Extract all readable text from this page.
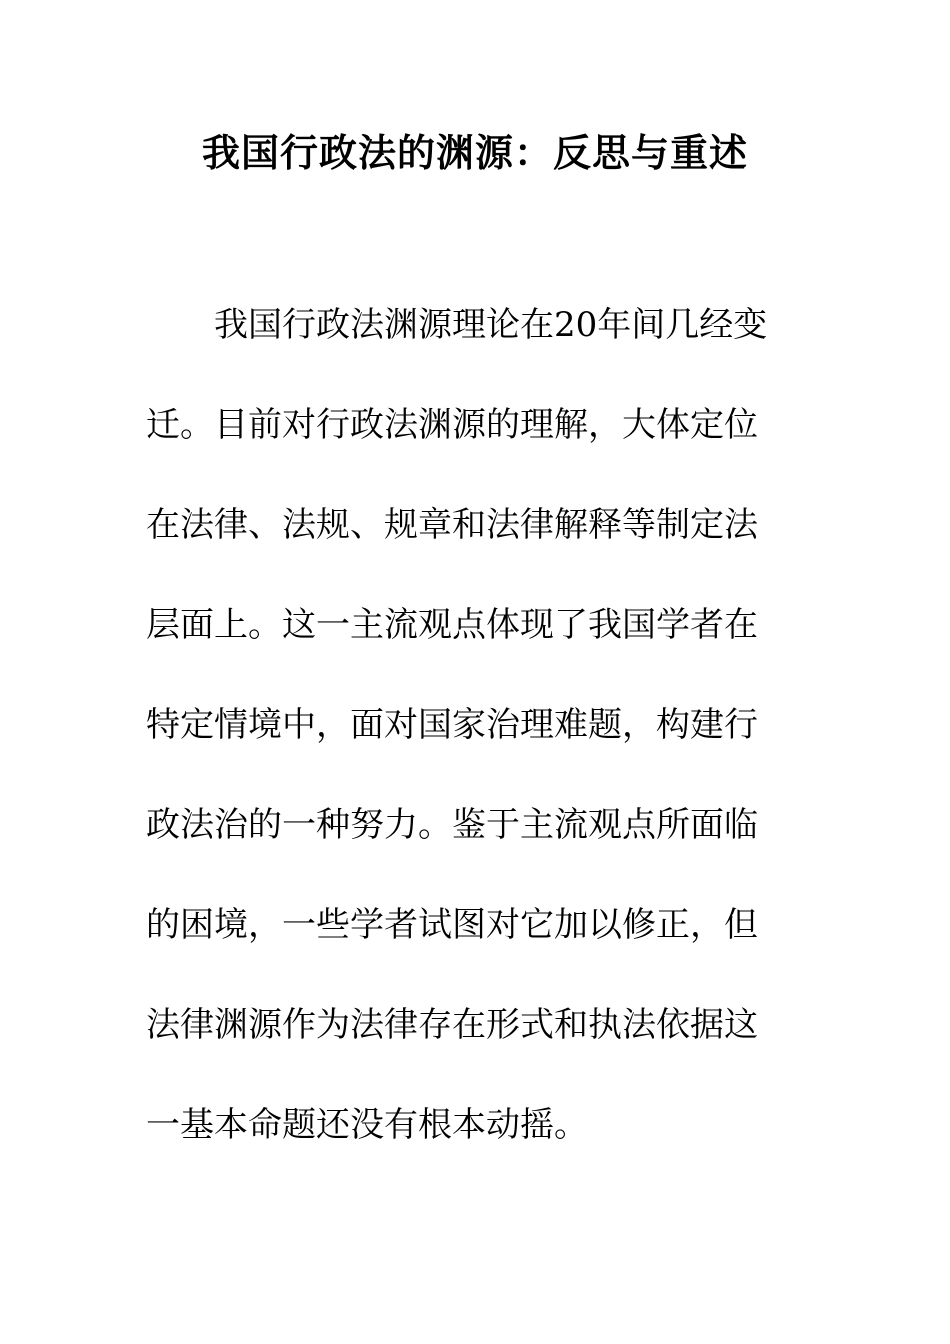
我国行政法的渊源：反思与重述
我国行政法渊源理论在20年间几经变
迁。目前对行政法渊源的理解，大体定位
在法律、法规、规章和法律解释等制定法
层面上。这一主流观点体现了我国学者在
特定情境中，面对国家治理难题，构建行
政法治的一种努力。鉴于主流观点所面临
的困境，一些学者试图对它加以修正，但
法律渊源作为法律存在形式和执法依据这
一基本命题还没有根本动摇。
